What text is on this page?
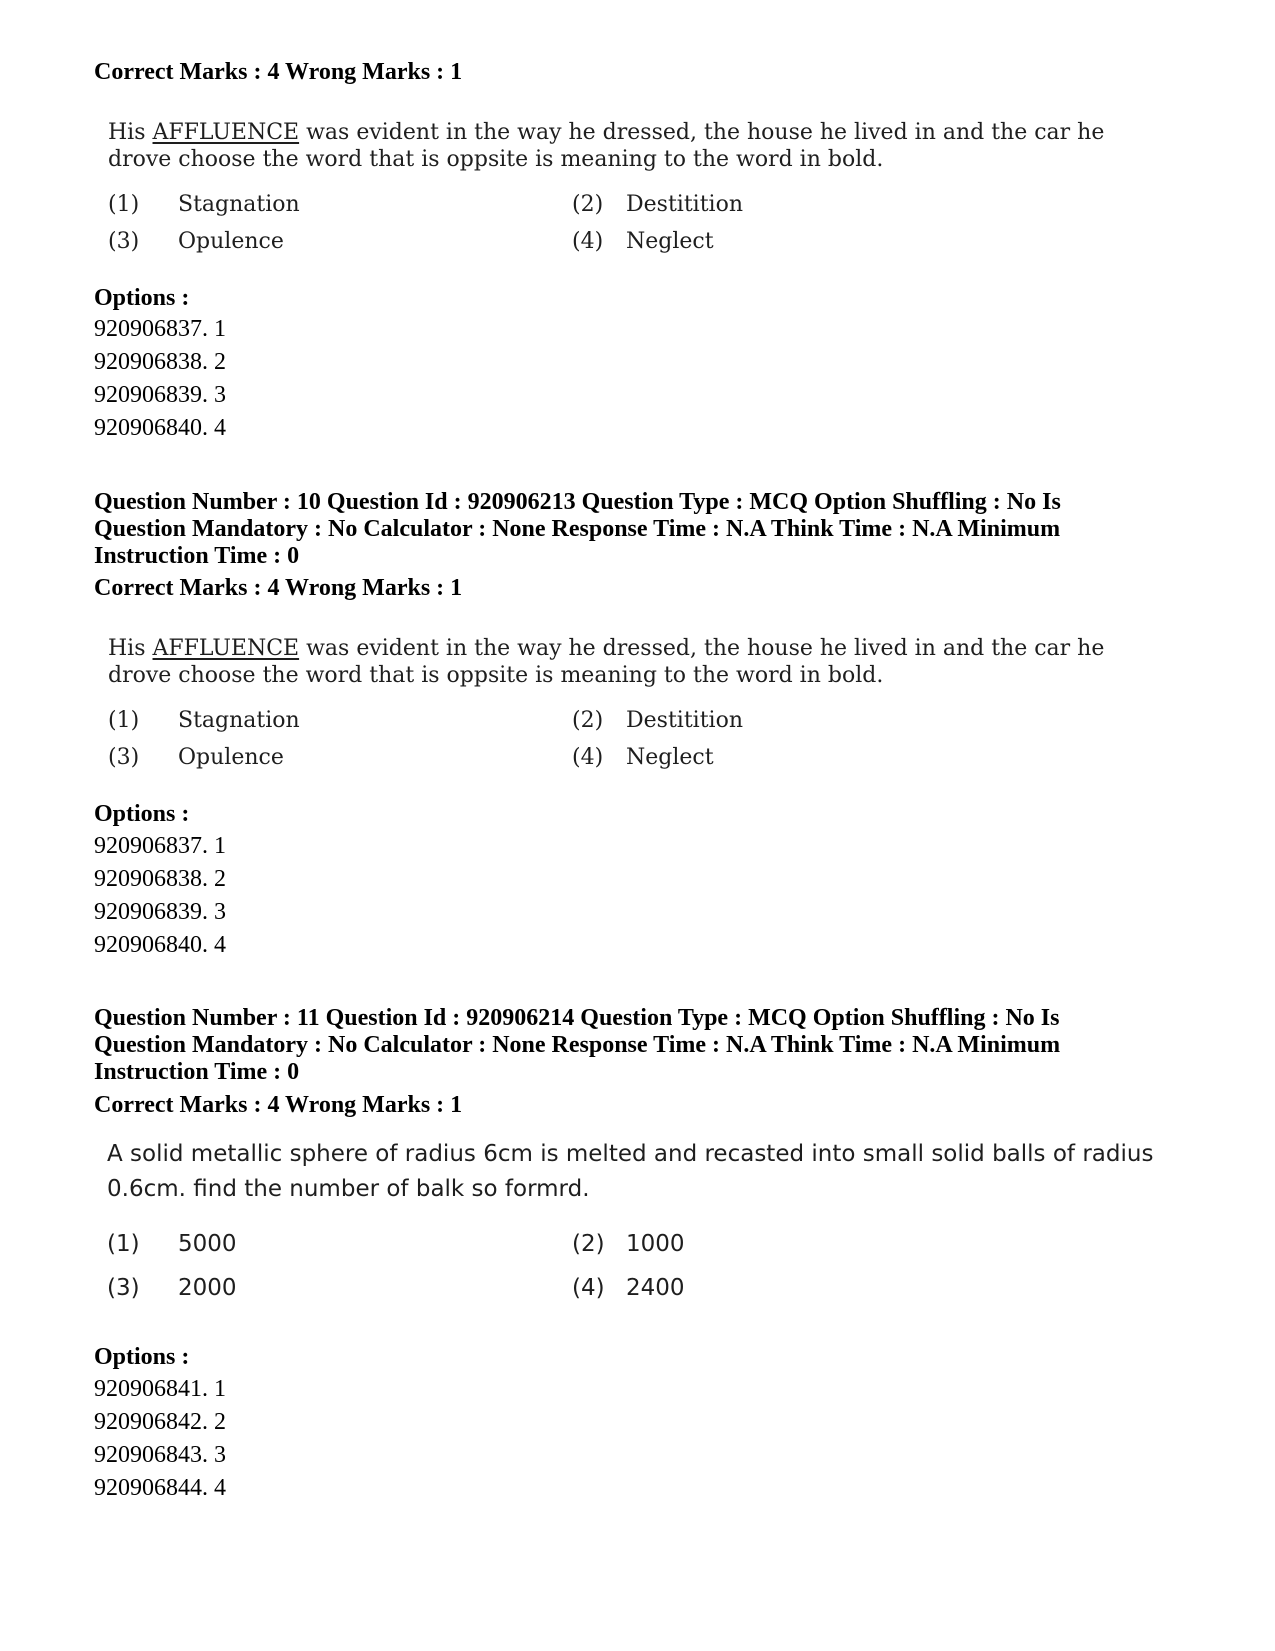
Correct Marks : 4 Wrong Marks : 1
His AFFLUENCE was evident in the way he dressed, the house he lived in and the car he
drove choose the word that is oppsite is meaning to the word in bold.
(1) Stagnation	(2) Destitition
(3) Opulence	(4) Neglect
Options :
920906837. 1
920906838. 2
920906839. 3
920906840. 4
Question Number : 10 Question Id : 920906213 Question Type : MCQ Option Shuffling : No Is
Question Mandatory : No Calculator : None Response Time : N.A Think Time : N.A Minimum
Instruction Time : 0
Correct Marks : 4 Wrong Marks : 1
His AFFLUENCE was evident in the way he dressed, the house he lived in and the car he
drove choose the word that is oppsite is meaning to the word in bold.
(1) Stagnation	(2) Destitition
(3) Opulence	(4) Neglect
Options :
920906837. 1
920906838. 2
920906839. 3
920906840. 4
Question Number : 11 Question Id : 920906214 Question Type : MCQ Option Shuffling : No Is
Question Mandatory : No Calculator : None Response Time : N.A Think Time : N.A Minimum
Instruction Time : 0
Correct Marks : 4 Wrong Marks : 1
A solid metallic sphere of radius 6cm is melted and recasted into small solid balls of radius
0.6cm. find the number of balk so formrd.
(1) 5000	(2) 1000
(3) 2000	(4) 2400
Options :
920906841. 1
920906842. 2
920906843. 3
920906844. 4
